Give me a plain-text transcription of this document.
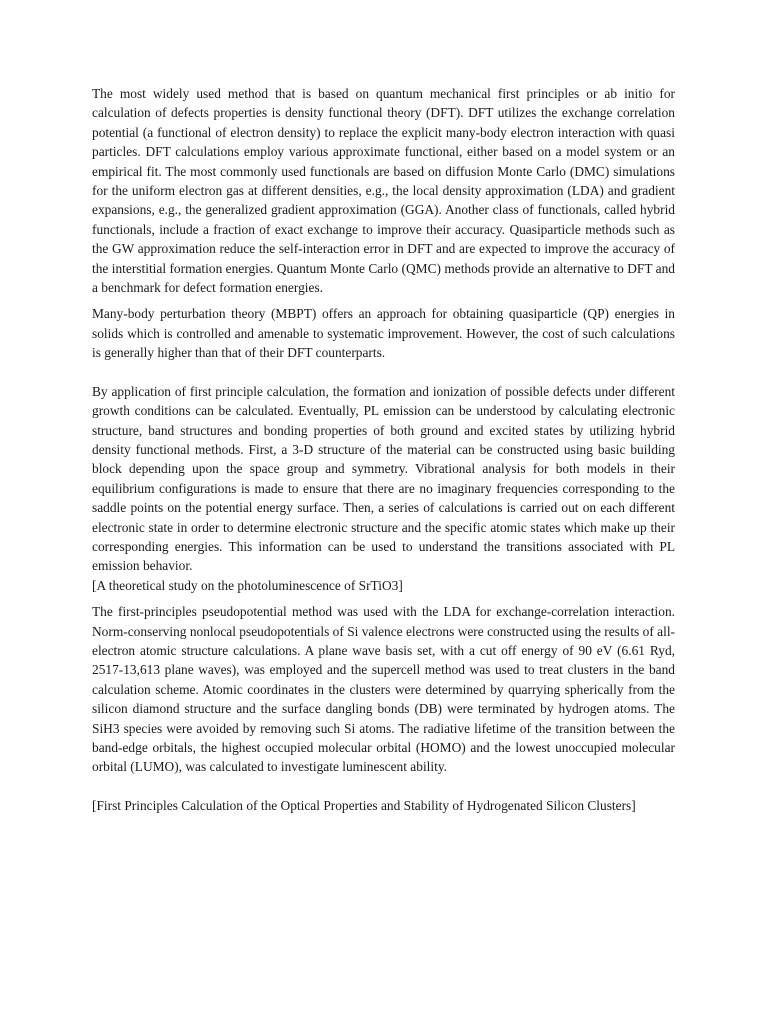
The most widely used method that is based on quantum mechanical first principles or ab initio for calculation of defects properties is density functional theory (DFT). DFT utilizes the exchange correlation potential (a functional of electron density) to replace the explicit many-body electron interaction with quasi particles. DFT calculations employ various approximate functional, either based on a model system or an empirical fit. The most commonly used functionals are based on diffusion Monte Carlo (DMC) simulations for the uniform electron gas at different densities, e.g., the local density approximation (LDA) and gradient expansions, e.g., the generalized gradient approximation (GGA). Another class of functionals, called hybrid functionals, include a fraction of exact exchange to improve their accuracy. Quasiparticle methods such as the GW approximation reduce the self-interaction error in DFT and are expected to improve the accuracy of the interstitial formation energies. Quantum Monte Carlo (QMC) methods provide an alternative to DFT and a benchmark for defect formation energies.

Many-body perturbation theory (MBPT) offers an approach for obtaining quasiparticle (QP) energies in solids which is controlled and amenable to systematic improvement. However, the cost of such calculations is generally higher than that of their DFT counterparts.

By application of first principle calculation, the formation and ionization of possible defects under different growth conditions can be calculated. Eventually, PL emission can be understood by calculating electronic structure, band structures and bonding properties of both ground and excited states by utilizing hybrid density functional methods. First, a 3-D structure of the material can be constructed using basic building block depending upon the space group and symmetry. Vibrational analysis for both models in their equilibrium configurations is made to ensure that there are no imaginary frequencies corresponding to the saddle points on the potential energy surface. Then, a series of calculations is carried out on each different electronic state in order to determine electronic structure and the specific atomic states which make up their corresponding energies. This information can be used to understand the transitions associated with PL emission behavior.

[A theoretical study on the photoluminescence of SrTiO3]

The first-principles pseudopotential method was used with the LDA for exchange-correlation interaction. Norm-conserving nonlocal pseudopotentials of Si valence electrons were constructed using the results of all-electron atomic structure calculations. A plane wave basis set, with a cut off energy of 90 eV (6.61 Ryd, 2517-13,613 plane waves), was employed and the supercell method was used to treat clusters in the band calculation scheme. Atomic coordinates in the clusters were determined by quarrying spherically from the silicon diamond structure and the surface dangling bonds (DB) were terminated by hydrogen atoms. The SiH3 species were avoided by removing such Si atoms. The radiative lifetime of the transition between the band-edge orbitals, the highest occupied molecular orbital (HOMO) and the lowest unoccupied molecular orbital (LUMO), was calculated to investigate luminescent ability.

[First Principles Calculation of the Optical Properties and Stability of Hydrogenated Silicon Clusters]
